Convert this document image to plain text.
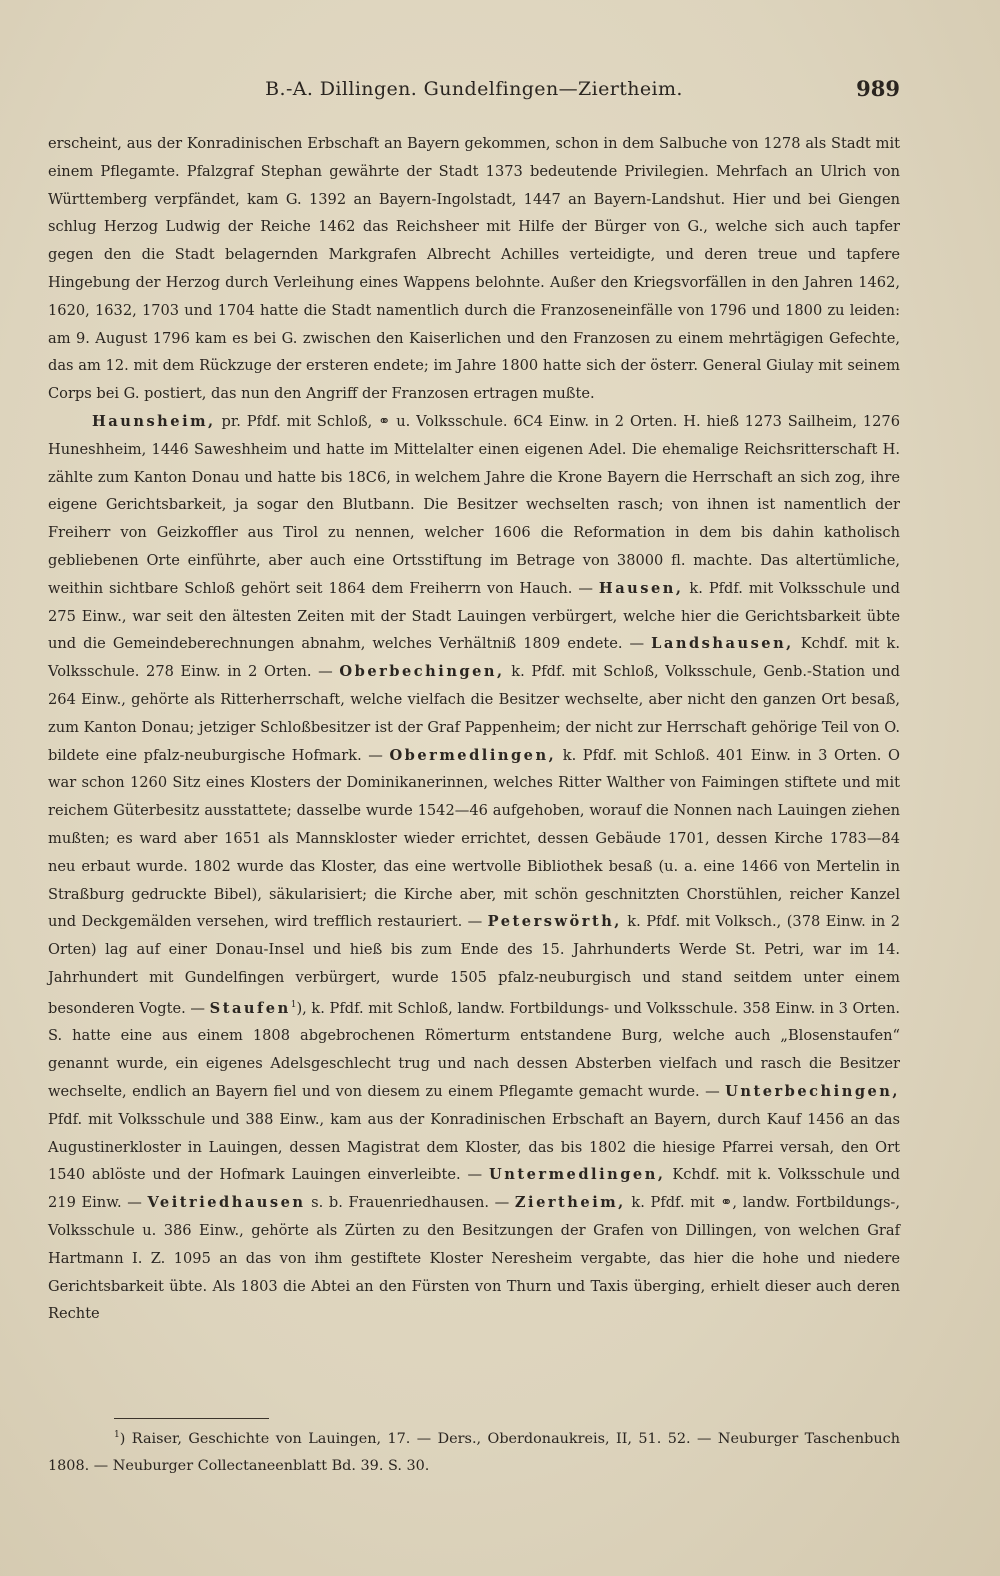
B.-A. Dillingen. Gundelfingen—Ziertheim.	989

erscheint, aus der Konradinischen Erbschaft an Bayern gekommen, schon in dem Salbuche von 1278 als Stadt mit einem Pflegamte. Pfalzgraf Stephan gewährte der Stadt 1373 bedeutende Privilegien. Mehrfach an Ulrich von Württemberg verpfändet, kam G. 1392 an Bayern-Ingolstadt, 1447 an Bayern-Landshut. Hier und bei Giengen schlug Herzog Ludwig der Reiche 1462 das Reichsheer mit Hilfe der Bürger von G., welche sich auch tapfer gegen den die Stadt belagernden Markgrafen Albrecht Achilles verteidigte, und deren treue und tapfere Hingebung der Herzog durch Verleihung eines Wappens belohnte. Außer den Kriegsvorfällen in den Jahren 1462, 1620, 1632, 1703 und 1704 hatte die Stadt namentlich durch die Franzoseneinfälle von 1796 und 1800 zu leiden: am 9. August 1796 kam es bei G. zwischen den Kaiserlichen und den Franzosen zu einem mehrtägigen Gefechte, das am 12. mit dem Rückzuge der ersteren endete; im Jahre 1800 hatte sich der österr. General Giulay mit seinem Corps bei G. postiert, das nun den Angriff der Franzosen ertragen mußte.

Haunsheim, pr. Pfdf. mit Schloß, ⚭ u. Volksschule. 6C4 Einw. in 2 Orten. H. hieß 1273 Sailheim, 1276 Huneshheim, 1446 Saweshheim und hatte im Mittelalter einen eigenen Adel. Die ehemalige Reichsritterschaft H. zählte zum Kanton Donau und hatte bis 18C6, in welchem Jahre die Krone Bayern die Herrschaft an sich zog, ihre eigene Gerichtsbarkeit, ja sogar den Blutbann. Die Besitzer wechselten rasch; von ihnen ist namentlich der Freiherr von Geizkoffler aus Tirol zu nennen, welcher 1606 die Reformation in dem bis dahin katholisch gebliebenen Orte einführte, aber auch eine Ortsstiftung im Betrage von 38000 fl. machte. Das altertümliche, weithin sichtbare Schloß gehört seit 1864 dem Freiherrn von Hauch. — Hausen, k. Pfdf. mit Volksschule und 275 Einw., war seit den ältesten Zeiten mit der Stadt Lauingen verbürgert, welche hier die Gerichtsbarkeit übte und die Gemeindeberechnungen abnahm, welches Verhältniß 1809 endete. — Landshausen, Kchdf. mit k. Volksschule. 278 Einw. in 2 Orten. — Oberbechingen, k. Pfdf. mit Schloß, Volksschule, Genb.-Station und 264 Einw., gehörte als Ritterherrschaft, welche vielfach die Besitzer wechselte, aber nicht den ganzen Ort besaß, zum Kanton Donau; jetziger Schloßbesitzer ist der Graf Pappenheim; der nicht zur Herrschaft gehörige Teil von O. bildete eine pfalz-neuburgische Hofmark. — Obermedlingen, k. Pfdf. mit Schloß. 401 Einw. in 3 Orten. O war schon 1260 Sitz eines Klosters der Dominikanerinnen, welches Ritter Walther von Faimingen stiftete und mit reichem Güterbesitz ausstattete; dasselbe wurde 1542—46 aufgehoben, worauf die Nonnen nach Lauingen ziehen mußten; es ward aber 1651 als Mannskloster wieder errichtet, dessen Gebäude 1701, dessen Kirche 1783—84 neu erbaut wurde. 1802 wurde das Kloster, das eine wertvolle Bibliothek besaß (u. a. eine 1466 von Mertelin in Straßburg gedruckte Bibel), säkularisiert; die Kirche aber, mit schön geschnitzten Chorstühlen, reicher Kanzel und Deckgemälden versehen, wird trefflich restauriert. — Peterswörth, k. Pfdf. mit Volksch., (378 Einw. in 2 Orten) lag auf einer Donau-Insel und hieß bis zum Ende des 15. Jahrhunderts Werde St. Petri, war im 14. Jahrhundert mit Gundelfingen verbürgert, wurde 1505 pfalz-neuburgisch und stand seitdem unter einem besonderen Vogte. — Staufen$^1$), k. Pfdf. mit Schloß, landw. Fortbildungs- und Volksschule. 358 Einw. in 3 Orten. S. hatte eine aus einem 1808 abgebrochenen Römerturm entstandene Burg, welche auch „Blosenstaufen“ genannt wurde, ein eigenes Adelsgeschlecht trug und nach dessen Absterben vielfach und rasch die Besitzer wechselte, endlich an Bayern fiel und von diesem zu einem Pflegamte gemacht wurde. — Unterbechingen, Pfdf. mit Volksschule und 388 Einw., kam aus der Konradinischen Erbschaft an Bayern, durch Kauf 1456 an das Augustinerkloster in Lauingen, dessen Magistrat dem Kloster, das bis 1802 die hiesige Pfarrei versah, den Ort 1540 ablöste und der Hofmark Lauingen einverleibte. — Untermedlingen, Kchdf. mit k. Volksschule und 219 Einw. — Veitriedhausen s. b. Frauenriedhausen. — Ziertheim, k. Pfdf. mit ⚭, landw. Fortbildungs-, Volksschule u. 386 Einw., gehörte als Zürten zu den Besitzungen der Grafen von Dillingen, von welchen Graf Hartmann I. Z. 1095 an das von ihm gestiftete Kloster Neresheim vergabte, das hier die hohe und niedere Gerichtsbarkeit übte. Als 1803 die Abtei an den Fürsten von Thurn und Taxis überging, erhielt dieser auch deren Rechte

$^1$) Raiser, Geschichte von Lauingen, 17. — Ders., Oberdonaukreis, II, 51. 52. — Neuburger Taschenbuch 1808. — Neuburger Collectaneenblatt Bd. 39. S. 30.
